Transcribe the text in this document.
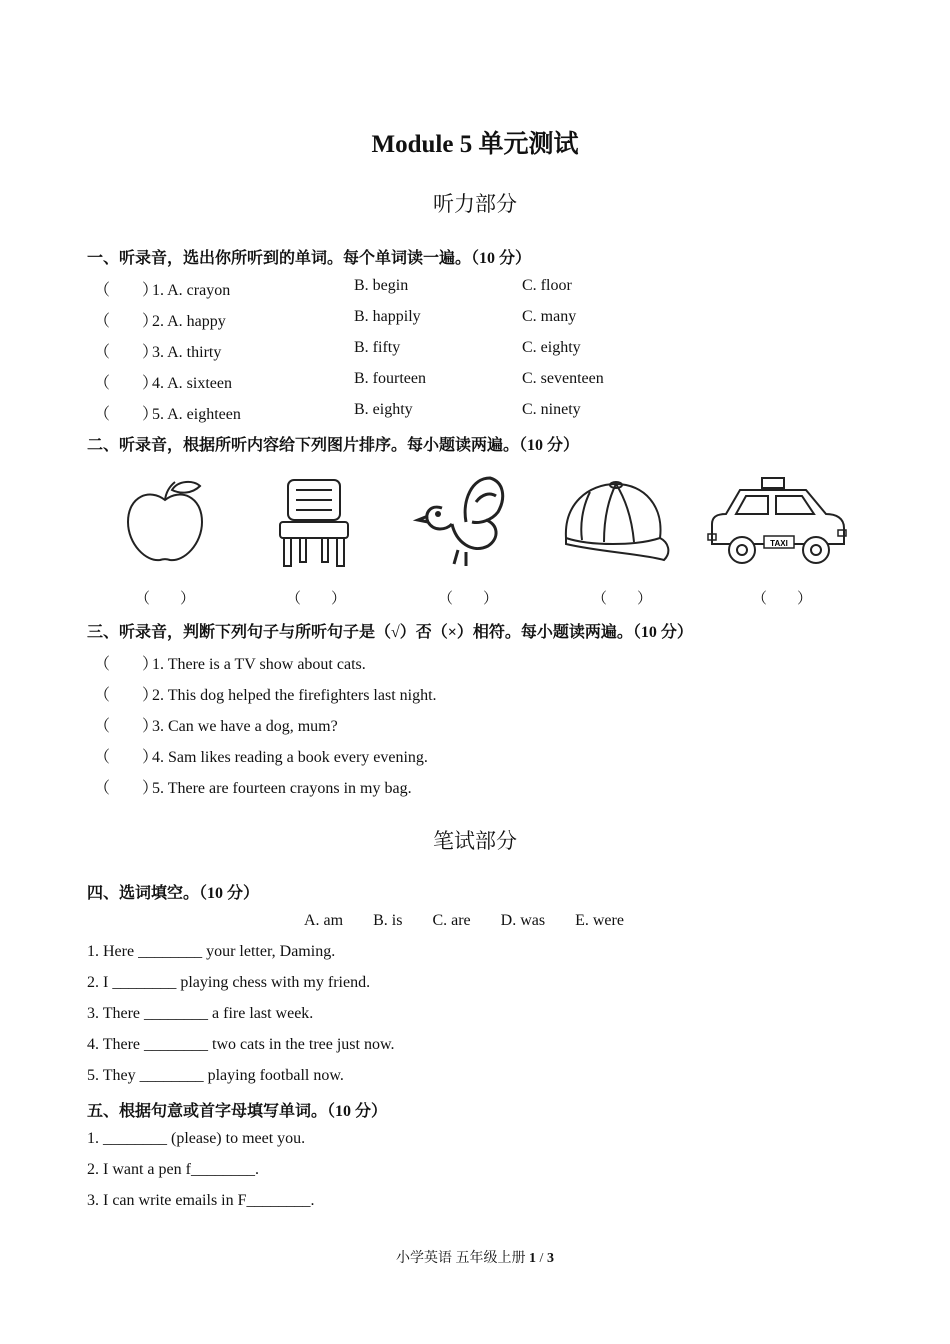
Module 5 单元测试
听力部分
一、听录音，选出你所听到的单词。每个单词读一遍。（10 分）
（　　）1. A. crayon	B. begin	C. floor
（　　）2. A. happy	B. happily	C. many
（　　）3. A. thirty	B. fifty	C. eighty
（　　）4. A. sixteen	B. fourteen	C. seventeen
（　　）5. A. eighteen	B. eighty	C. ninety
二、听录音，根据所听内容给下列图片排序。每小题读两遍。（10 分）
TAXI
（　　）	（　　）	（　　）	（　　）	（　　）
三、听录音，判断下列句子与所听句子是（√）否（×）相符。每小题读两遍。（10 分）
（　　）1. There is a TV show about cats.
（　　）2. This dog helped the firefighters last night.
（　　）3. Can we have a dog, mum?
（　　）4. Sam likes reading a book every evening.
（　　）5. There are fourteen crayons in my bag.
笔试部分
四、选词填空。（10 分）
A. am B. is C. are D. was E. were
1. Here ________ your letter, Daming.
2. I ________ playing chess with my friend.
3. There ________ a fire last week.
4. There ________ two cats in the tree just now.
5. They ________ playing football now.
五、根据句意或首字母填写单词。（10 分）
1. ________ (please) to meet you.
2. I want a pen f________.
3. I can write emails in F________.
小学英语 五年级上册 1 / 3
